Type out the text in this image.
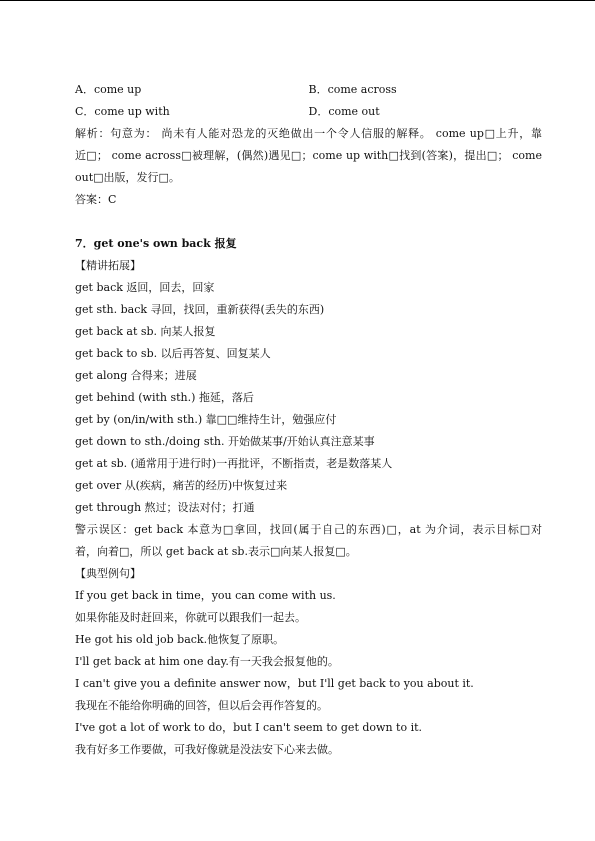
A．come up	B．come across
C．come up with	D．come out
解析：句意为： 尚未有人能对恐龙的灭绝做出一个令人信服的解释。 come up□上升，靠
近□； come across□被理解，(偶然)遇见□；come up with□找到(答案)，提出□； come
out□出版，发行□。
答案：C
7．get one's own back 报复
【精讲拓展】
get back 返回，回去，回家
get sth. back 寻回，找回，重新获得(丢失的东西)
get back at sb. 向某人报复
get back to sb. 以后再答复、回复某人
get along 合得来；进展
get behind (with sth.) 拖延，落后
get by (on/in/with sth.) 靠□□维持生计，勉强应付
get down to sth./doing sth. 开始做某事/开始认真注意某事
get at sb. (通常用于进行时)一再批评，不断指责，老是数落某人
get over 从(疾病，痛苦的经历)中恢复过来
get through 熬过；设法对付；打通
警示误区：get back 本意为□拿回，找回(属于自己的东西)□，at 为介词，表示目标□对
着，向着□，所以 get back at sb.表示□向某人报复□。
【典型例句】
If you get back in time，you can come with us.
如果你能及时赶回来，你就可以跟我们一起去。
He got his old job back.他恢复了原职。
I'll get back at him one day.有一天我会报复他的。
I can't give you a definite answer now，but I'll get back to you about it.
我现在不能给你明确的回答，但以后会再作答复的。
I've got a lot of work to do，but I can't seem to get down to it.
我有好多工作要做，可我好像就是没法安下心来去做。
